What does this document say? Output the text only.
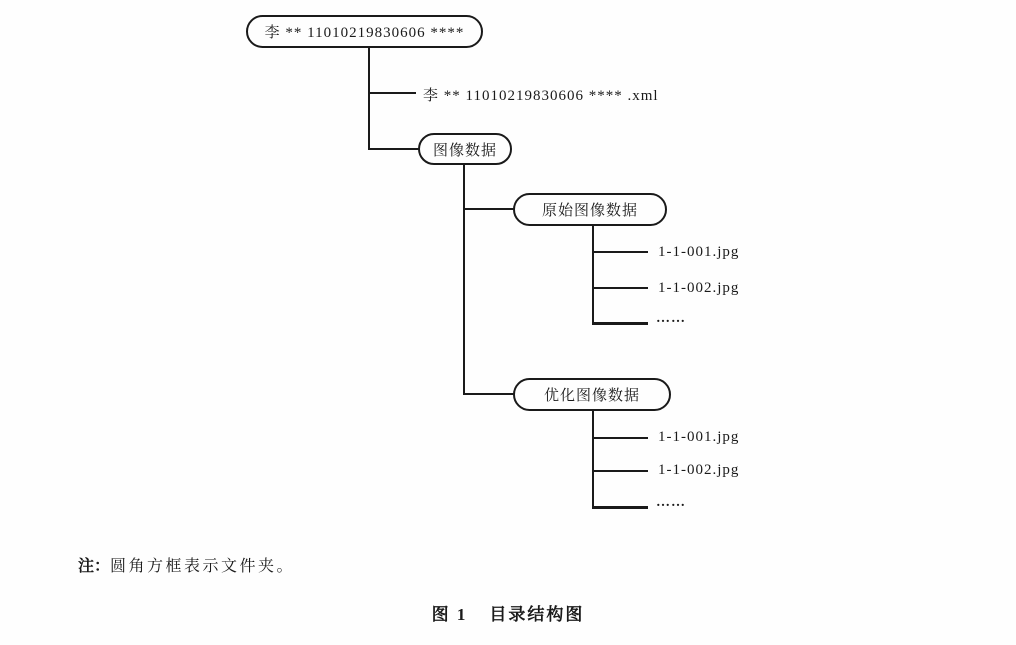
李 ** 11010219830606 ****
李 ** 11010219830606 **** .xml
图像数据
原始图像数据
1-1-001.jpg
1-1-002.jpg
……
优化图像数据
1-1-001.jpg
1-1-002.jpg
……
注：圆角方框表示文件夹。
图 1 目录结构图
